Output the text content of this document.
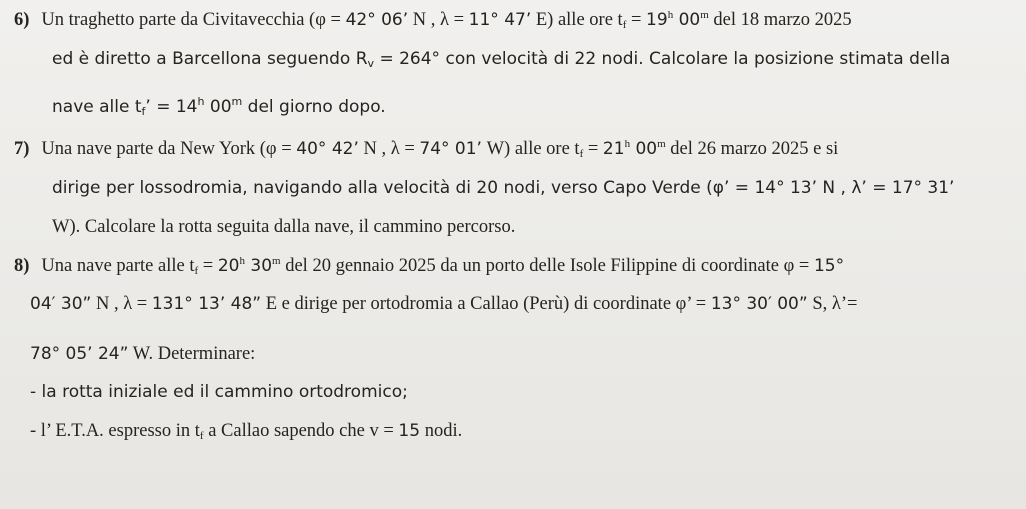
6) Un traghetto parte da Civitavecchia (φ = 42° 06’ N , λ = 11° 47’ E) alle ore $t_f = 19^h$ 00$^m$ del 18 marzo 2025
ed è diretto a Barcellona seguendo $R_v = 264^\circ$ con velocità di 22 nodi. Calcolare la posizione stimata della
nave alle $t_f$’ = $14^h$ 00$^m$ del giorno dopo.
7) Una nave parte da New York (φ = 40° 42’ N , λ = 74° 01’ W) alle ore $t_f = 21^h$ 00$^m$ del 26 marzo 2025 e si
dirige per lossodromia, navigando alla velocità di 20 nodi, verso Capo Verde (φ’ = 14° 13’ N , λ’ = 17° 31’
W). Calcolare la rotta seguita dalla nave, il cammino percorso.
8) Una nave parte alle $t_f = 20^h$ 30$^m$ del 20 gennaio 2025 da un porto delle Isole Filippine di coordinate φ = 15°
04′ 30” N , λ = 131° 13’ 48” E e dirige per ortodromia a Callao (Perù) di coordinate φ’ = 13° 30′ 00” S, λ’=
78° 05’ 24” W. Determinare:
- la rotta iniziale ed il cammino ortodromico;
- l’ E.T.A. espresso in $t_f$ a Callao sapendo che v = 15 nodi.
